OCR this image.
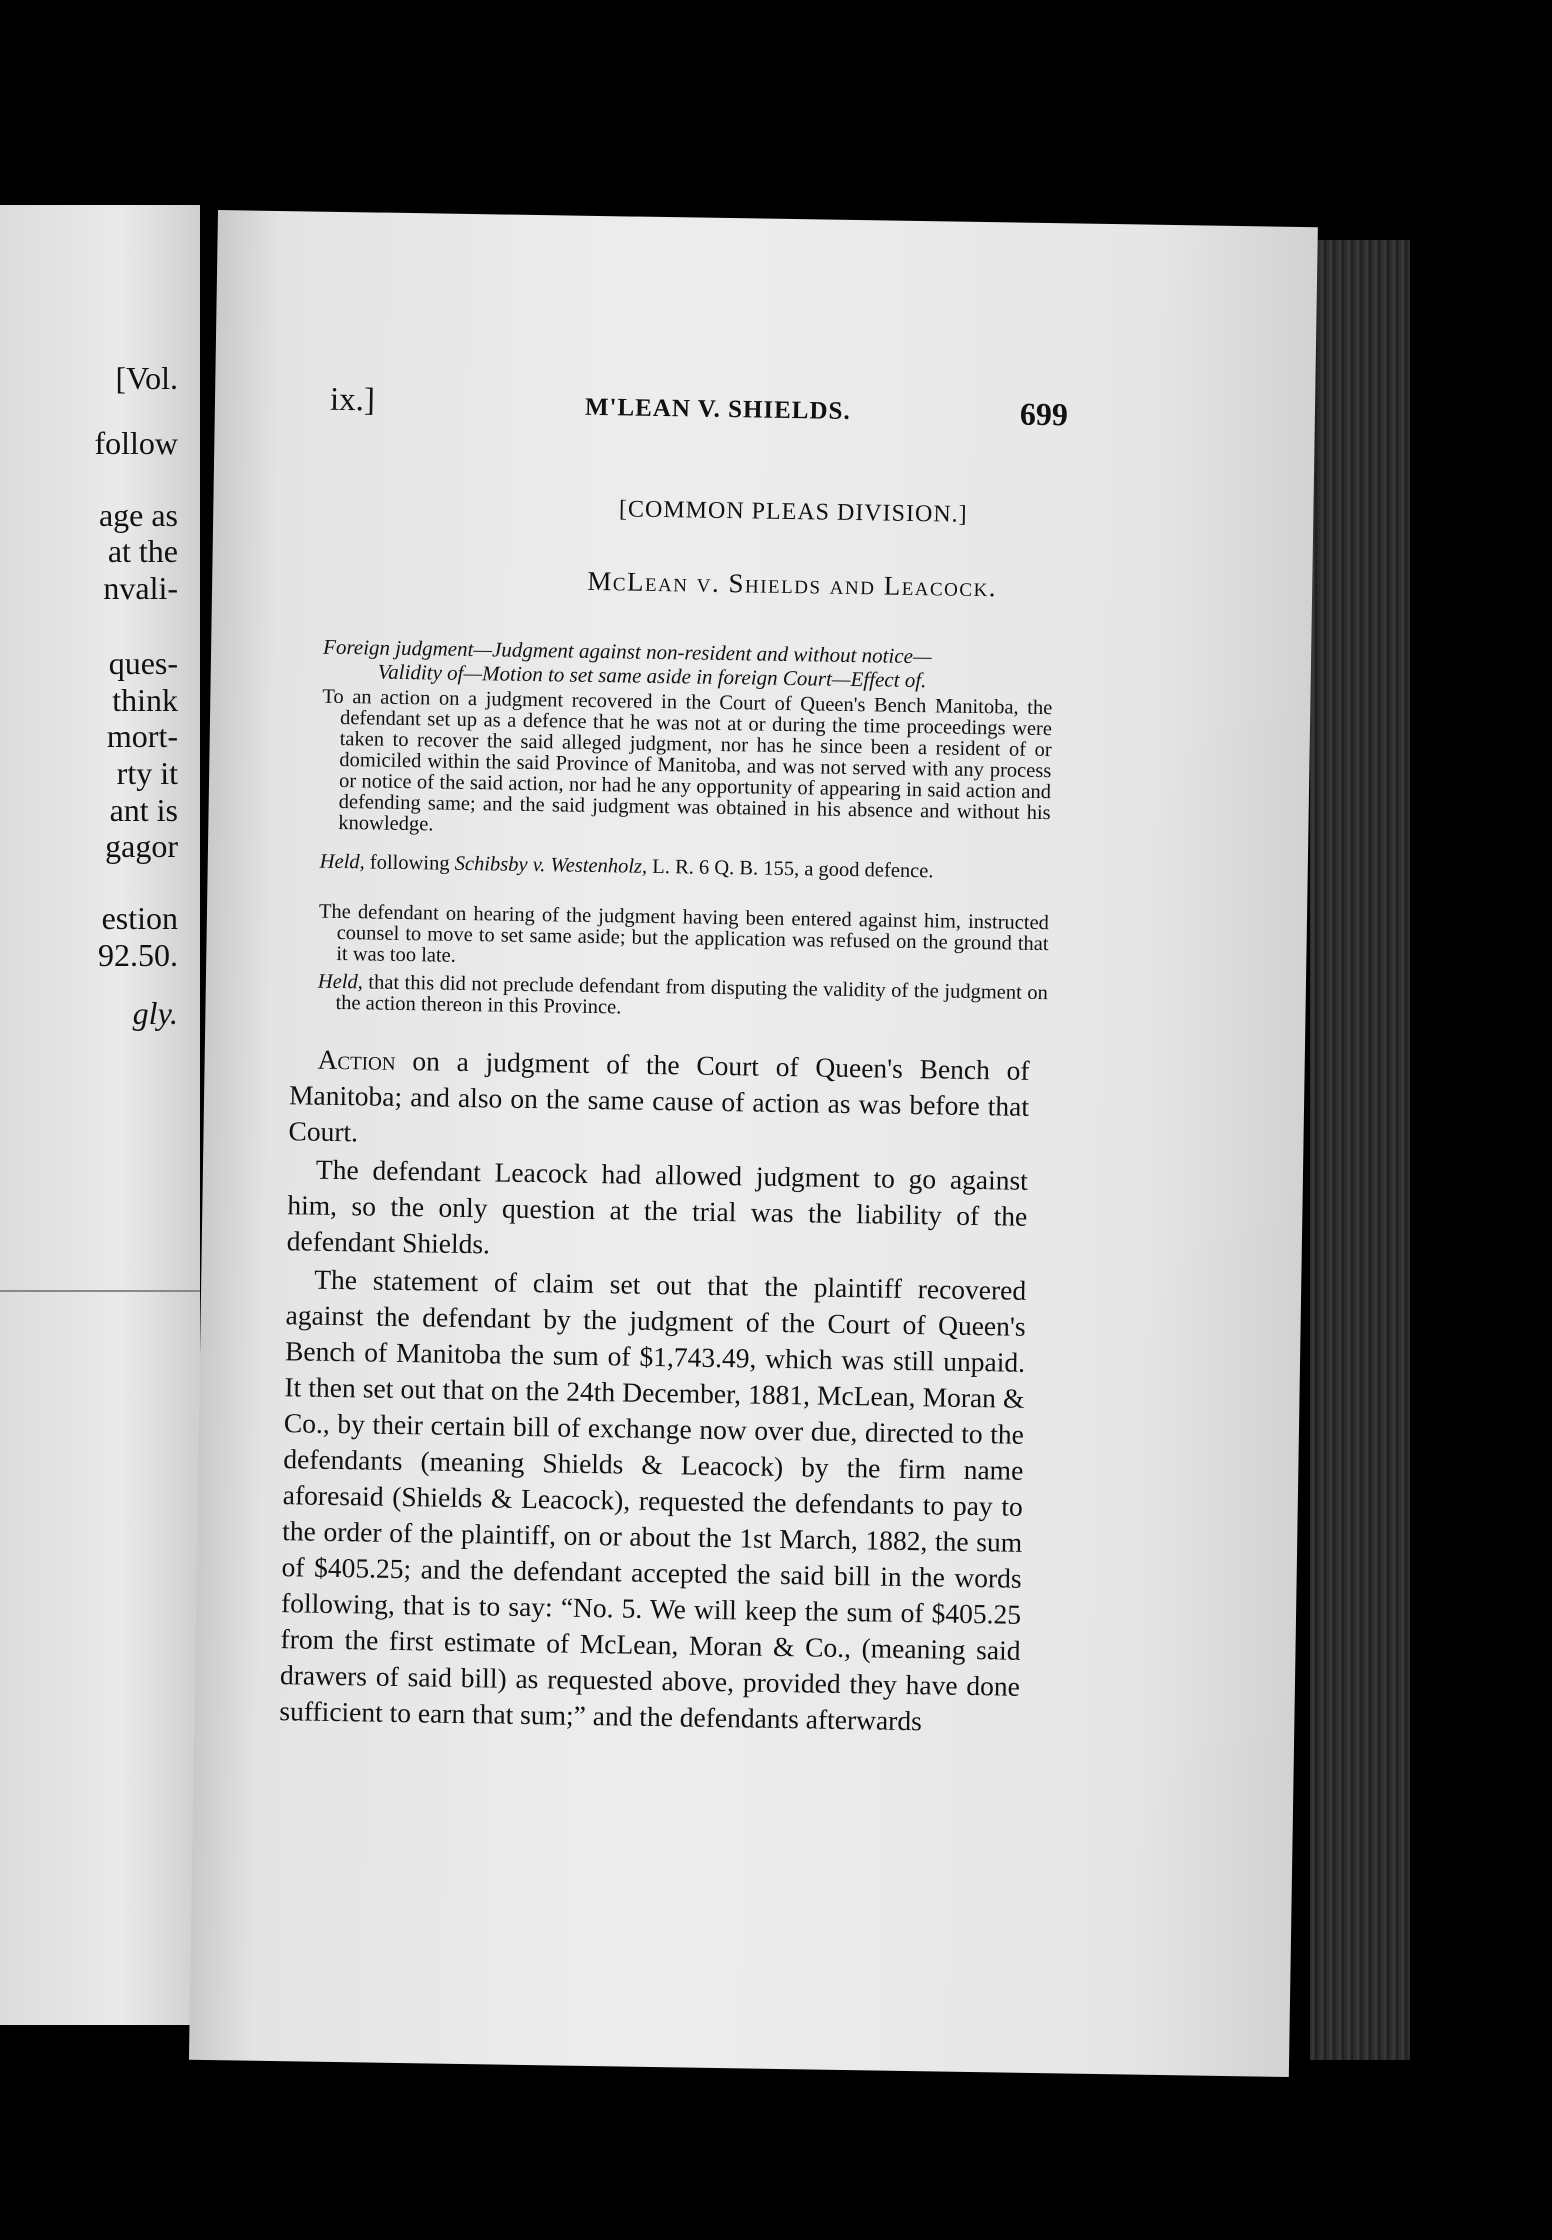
[Vol.
follow
age as
at the
nvali-
ques-
think
mort-
rty it
ant is
gagor
estion
92.50.
gly.
ix.]	M'LEAN V. SHIELDS.	699
[COMMON PLEAS DIVISION.]
McLean v. Shields and Leacock.
Foreign judgment—Judgment against non-resident and without notice—
Validity of—Motion to set same aside in foreign Court—Effect of.

To an action on a judgment recovered in the Court of Queen's Bench Manitoba, the defendant set up as a defence that he was not at or during the time proceedings were taken to recover the said alleged judgment, nor has he since been a resident of or domiciled within the said Province of Manitoba, and was not served with any process or notice of the said action, nor had he any opportunity of appearing in said action and defending same; and the said judgment was obtained in his absence and without his knowledge.

Held, following Schibsby v. Westenholz, L. R. 6 Q. B. 155, a good defence.

The defendant on hearing of the judgment having been entered against him, instructed counsel to move to set same aside; but the application was refused on the ground that it was too late.

Held, that this did not preclude defendant from disputing the validity of the judgment on the action thereon in this Province.

Action on a judgment of the Court of Queen's Bench of Manitoba; and also on the same cause of action as was before that Court.

The defendant Leacock had allowed judgment to go against him, so the only question at the trial was the liability of the defendant Shields.

The statement of claim set out that the plaintiff recovered against the defendant by the judgment of the Court of Queen's Bench of Manitoba the sum of $1,743.49, which was still unpaid. It then set out that on the 24th December, 1881, McLean, Moran & Co., by their certain bill of exchange now over due, directed to the defendants (meaning Shields & Leacock) by the firm name aforesaid (Shields & Leacock), requested the defendants to pay to the order of the plaintiff, on or about the 1st March, 1882, the sum of $405.25; and the defendant accepted the said bill in the words following, that is to say: “No. 5. We will keep the sum of $405.25 from the first estimate of McLean, Moran & Co., (meaning said drawers of said bill) as requested above, provided they have done sufficient to earn that sum;” and the defendants afterwards
